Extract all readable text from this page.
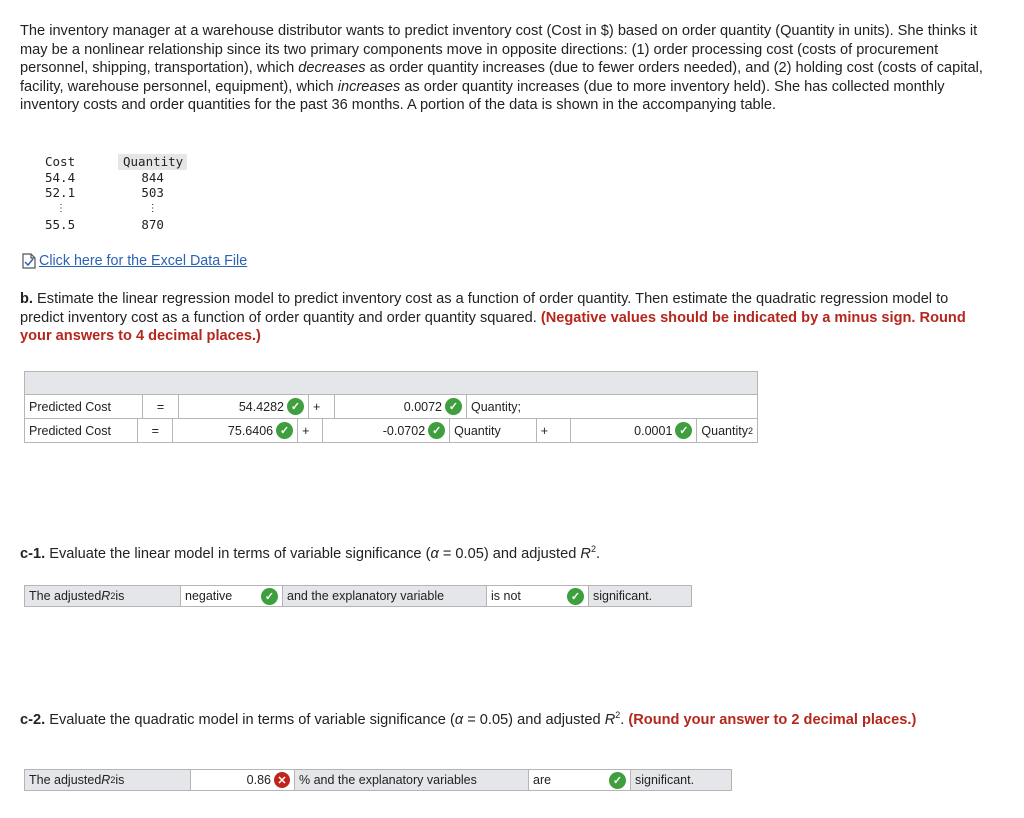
The inventory manager at a warehouse distributor wants to predict inventory cost (Cost in $) based on order quantity (Quantity in units). She thinks it may be a nonlinear relationship since its two primary components move in opposite directions: (1) order processing cost (costs of procurement personnel, shipping, transportation), which decreases as order quantity increases (due to fewer orders needed), and (2) holding cost (costs of capital, facility, warehouse personnel, equipment), which increases as order quantity increases (due to more inventory held). She has collected monthly inventory costs and order quantities for the past 36 months. A portion of the data is shown in the accompanying table.

Cost	Quantity
54.4	844
52.1	503
⋮	⋮
55.5	870
Click here for the Excel Data File

b. Estimate the linear regression model to predict inventory cost as a function of order quantity. Then estimate the quadratic regression model to predict inventory cost as a function of order quantity and order quantity squared. (Negative values should be indicated by a minus sign. Round your answers to 4 decimal places.)

Predicted Cost	=	54.4282 ✓	+	0.0072 ✓	Quantity;
Predicted Cost	=	75.6406 ✓	+	-0.0702 ✓	Quantity	+	0.0001 ✓	Quantity 2

c-1. Evaluate the linear model in terms of variable significance (α = 0.05) and adjusted $R^2$.

The adjusted R 2 is	negative	✓	and the explanatory variable	is not	✓	significant.

c-2. Evaluate the quadratic model in terms of variable significance (α = 0.05) and adjusted $R^2$. (Round your answer to 2 decimal places.)

The adjusted R 2 is	0.86 ✕ % and the explanatory variables	are	✓	significant.
